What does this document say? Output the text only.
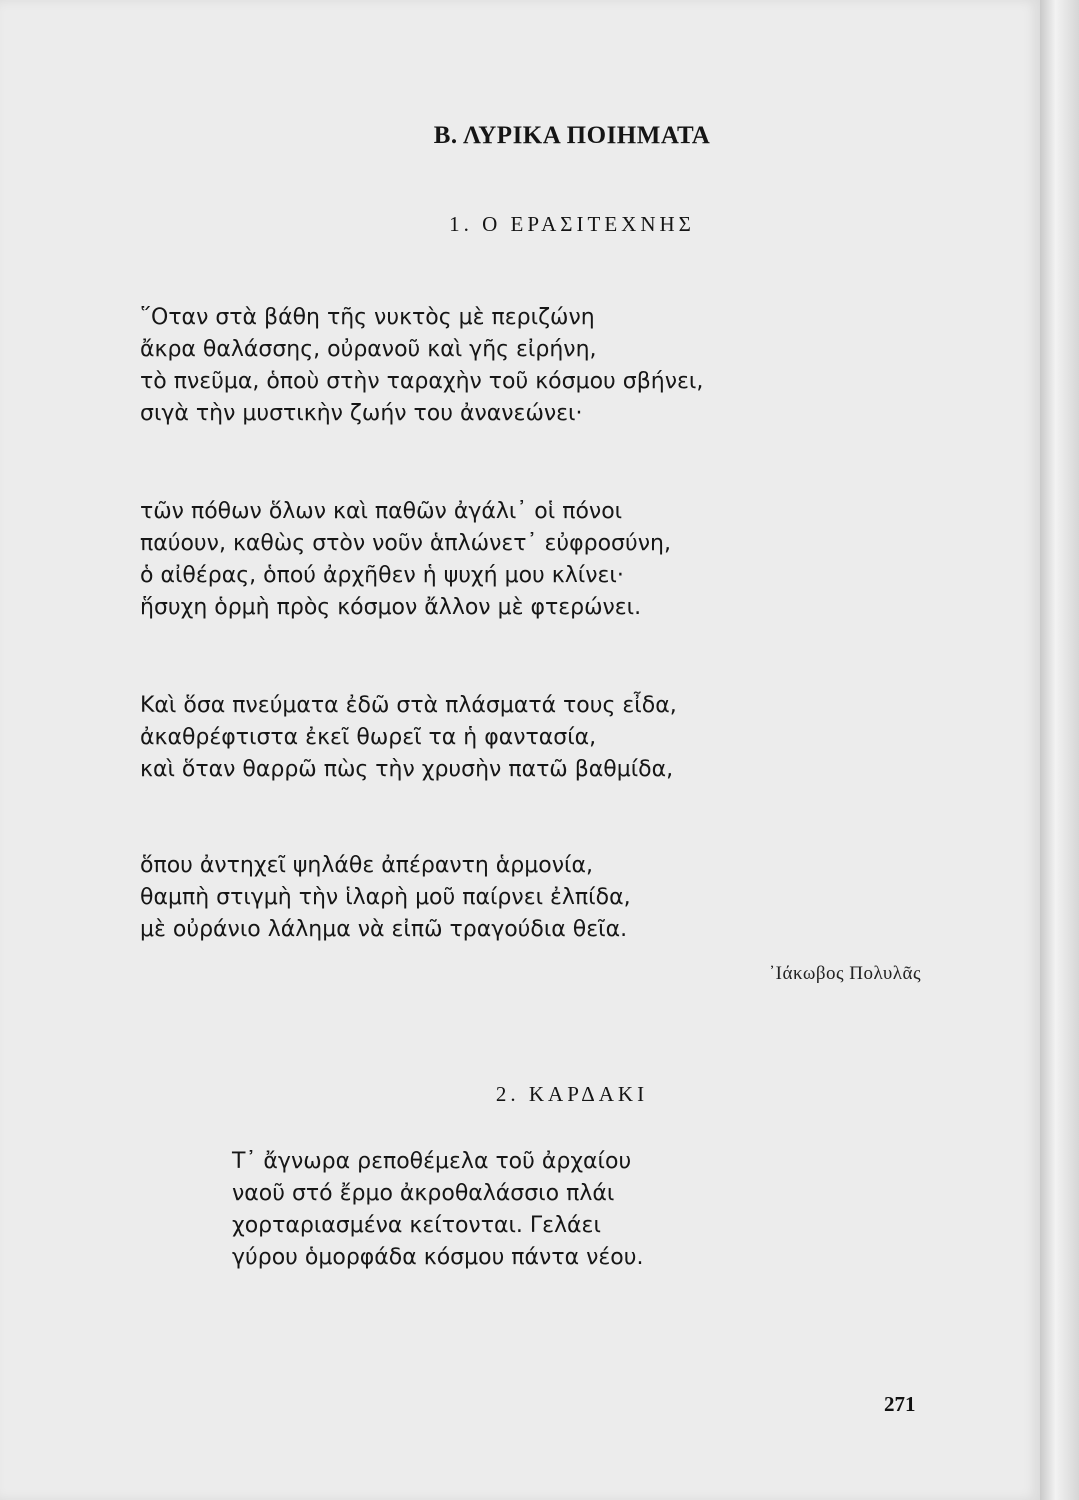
Β. ΛΥΡΙΚΑ ΠΟΙΗΜΑΤΑ
1. Ο ΕΡΑΣΙΤΕΧΝΗΣ
῞Οταν στὰ βάθη τῆς νυκτὸς μὲ περιζώνη
ἄκρα θαλάσσης, οὐρανοῦ καὶ γῆς εἰρήνη,
τὸ πνεῦμα, ὁποὺ στὴν ταραχὴν τοῦ κόσμου σβήνει,
σιγὰ τὴν μυστικὴν ζωήν του ἀνανεώνει·
τῶν πόθων ὅλων καὶ παθῶν ἀγάλι᾿ οἱ πόνοι
παύουν, καθὼς στὸν νοῦν ἁπλώνετ᾿ εὐφροσύνη,
ὁ αἰθέρας, ὁπού ἀρχῆθεν ἡ ψυχή μου κλίνει·
ἥσυχη ὁρμὴ πρὸς κόσμον ἄλλον μὲ φτερώνει.
Καὶ ὅσα πνεύματα ἐδῶ στὰ πλάσματά τους εἶδα,
ἀκαθρέφτιστα ἐκεῖ θωρεῖ τα ἡ φαντασία,
καὶ ὅταν θαρρῶ πὼς τὴν χρυσὴν πατῶ βαθμίδα,
ὅπου ἀντηχεῖ ψηλάθε ἀπέραντη ἁρμονία,
θαμπὴ στιγμὴ τὴν ἱλαρὴ μοῦ παίρνει ἐλπίδα,
μὲ οὐράνιο λάλημα νὰ εἰπῶ τραγούδια θεῖα.

᾿Ιάκωβος Πολυλᾶς

2. ΚΑΡΔΑΚΙ
Τ᾿ ἄγνωρα ρεποθέμελα τοῦ ἀρχαίου
ναοῦ στό ἔρμο ἀκροθαλάσσιο πλάι
χορταριασμένα κείτονται. Γελάει
γύρου ὁμορφάδα κόσμου πάντα νέου.

271
